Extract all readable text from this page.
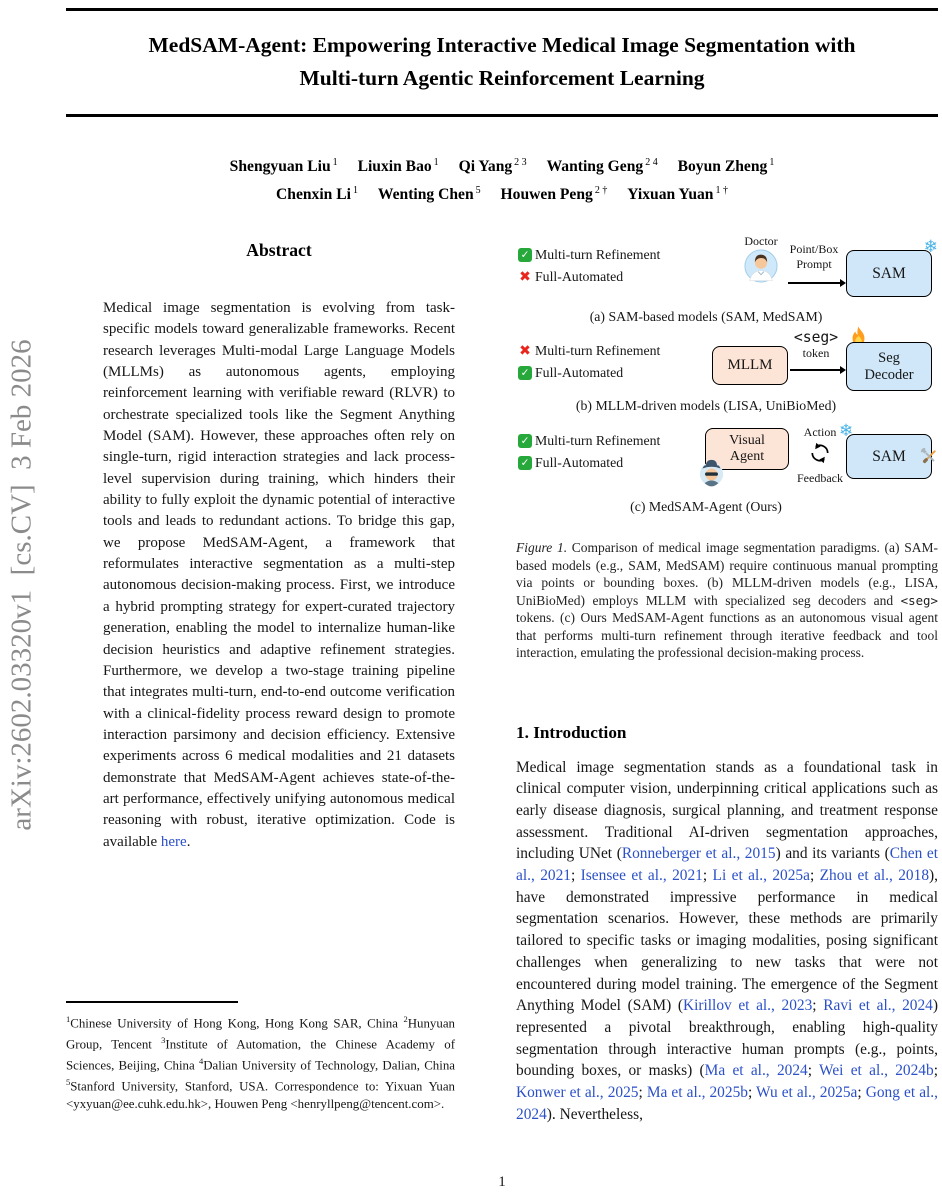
MedSAM-Agent: Empowering Interactive Medical Image Segmentation with
Multi-turn Agentic Reinforcement Learning
Shengyuan Liu $^1$ Liuxin Bao $^1$ Qi Yang $^{2 3}$ Wanting Geng $^{2 4}$ Boyun Zheng $^1$
Chenxin Li $^1$ Wenting Chen $^5$ Houwen Peng $^{2 \dagger}$ Yixuan Yuan $^{1 \dagger}$
arXiv:2602.03320v1  [cs.CV]  3 Feb 2026
Abstract

Medical image segmentation is evolving from task-specific models toward generalizable frameworks. Recent research leverages Multi-modal Large Language Models (MLLMs) as autonomous agents, employing reinforcement learning with verifiable reward (RLVR) to orchestrate specialized tools like the Segment Anything Model (SAM). However, these approaches often rely on single-turn, rigid interaction strategies and lack process-level supervision during training, which hinders their ability to fully exploit the dynamic potential of interactive tools and leads to redundant actions. To bridge this gap, we propose MedSAM-Agent, a framework that reformulates interactive segmentation as a multi-step autonomous decision-making process. First, we introduce a hybrid prompting strategy for expert-curated trajectory generation, enabling the model to internalize human-like decision heuristics and adaptive refinement strategies. Furthermore, we develop a two-stage training pipeline that integrates multi-turn, end-to-end outcome verification with a clinical-fidelity process reward design to promote interaction parsimony and decision efficiency. Extensive experiments across 6 medical modalities and 21 datasets demonstrate that MedSAM-Agent achieves state-of-the-art performance, effectively unifying autonomous medical reasoning with robust, iterative optimization. Code is available here.

$^1$Chinese University of Hong Kong, Hong Kong SAR, China $^2$Hunyuan Group, Tencent $^3$Institute of Automation, the Chinese Academy of Sciences, Beijing, China $^4$Dalian University of Technology, Dalian, China $^5$Stanford University, Stanford, USA. Correspondence to: Yixuan Yuan <yxyuan@ee.cuhk.edu.hk>, Houwen Peng <henryllpeng@tencent.com>.

✓ Multi-turn Refinement
✖ Full-Automated
Doctor
Point/Box
Prompt
SAM
❄
(a) SAM-based models (SAM, MedSAM)
✖ Multi-turn Refinement
✓ Full-Automated	MLLM
<seg>
token	Seg
Decoder
(b) MLLM-driven models (LISA, UniBioMed)
✓ Multi-turn Refinement
✓ Full-Automated
Visual
Agent
Action
Feedback
SAM
❄
(c) MedSAM-Agent (Ours)

Figure 1. Comparison of medical image segmentation paradigms. (a) SAM-based models (e.g., SAM, MedSAM) require continuous manual prompting via points or bounding boxes. (b) MLLM-driven models (e.g., LISA, UniBioMed) employs MLLM with specialized seg decoders and <seg> tokens. (c) Ours MedSAM-Agent functions as an autonomous visual agent that performs multi-turn refinement through iterative feedback and tool interaction, emulating the professional decision-making process.

1. Introduction

Medical image segmentation stands as a foundational task in clinical computer vision, underpinning critical applications such as early disease diagnosis, surgical planning, and treatment response assessment. Traditional AI-driven segmentation approaches, including UNet (Ronneberger et al., 2015) and its variants (Chen et al., 2021; Isensee et al., 2021; Li et al., 2025a; Zhou et al., 2018), have demonstrated impressive performance in medical segmentation scenarios. However, these methods are primarily tailored to specific tasks or imaging modalities, posing significant challenges when generalizing to new tasks that were not encountered during model training. The emergence of the Segment Anything Model (SAM) (Kirillov et al., 2023; Ravi et al., 2024) represented a pivotal breakthrough, enabling high-quality segmentation through interactive human prompts (e.g., points, bounding boxes, or masks) (Ma et al., 2024; Wei et al., 2024b; Konwer et al., 2025; Ma et al., 2025b; Wu et al., 2025a; Gong et al., 2024). Nevertheless,

1
